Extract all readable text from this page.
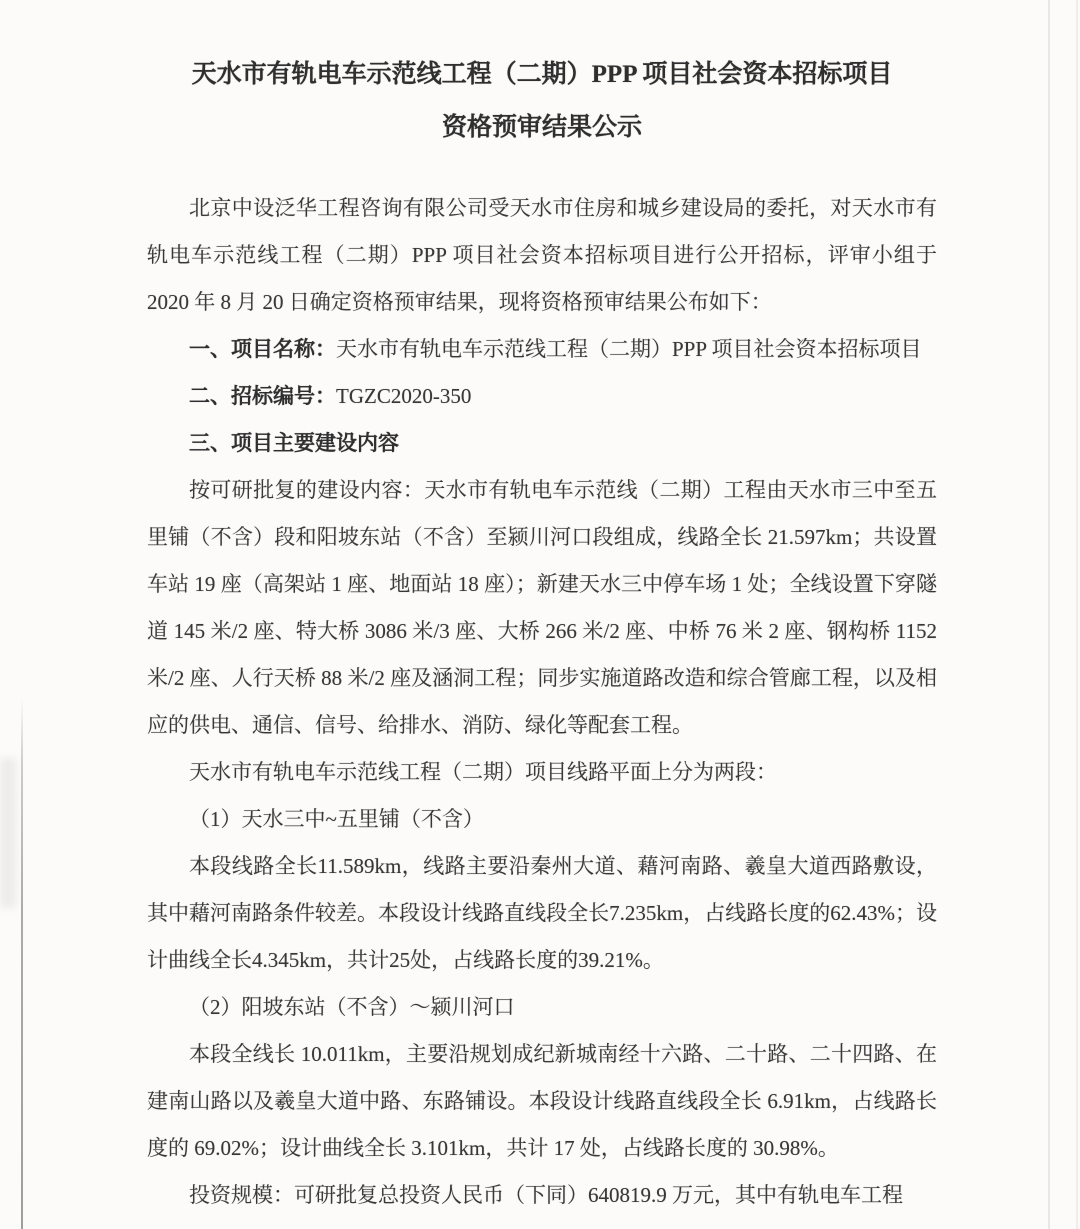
天水市有轨电车示范线工程（二期）PPP 项目社会资本招标项目
资格预审结果公示

北京中设泛华工程咨询有限公司受天水市住房和城乡建设局的委托，对天水市有轨电车示范线工程（二期）PPP 项目社会资本招标项目进行公开招标，评审小组于 2020 年 8 月 20 日确定资格预审结果，现将资格预审结果公布如下：

一、项目名称：天水市有轨电车示范线工程（二期）PPP 项目社会资本招标项目

二、招标编号：TGZC2020-350

三、项目主要建设内容

按可研批复的建设内容：天水市有轨电车示范线（二期）工程由天水市三中至五里铺（不含）段和阳坡东站（不含）至颍川河口段组成，线路全长 21.597km；共设置车站 19 座（高架站 1 座、地面站 18 座）；新建天水三中停车场 1 处；全线设置下穿隧道 145 米/2 座、特大桥 3086 米/3 座、大桥 266 米/2 座、中桥 76 米 2 座、钢构桥 1152 米/2 座、人行天桥 88 米/2 座及涵洞工程；同步实施道路改造和综合管廊工程，以及相应的供电、通信、信号、给排水、消防、绿化等配套工程。

天水市有轨电车示范线工程（二期）项目线路平面上分为两段：

（1）天水三中~五里铺（不含）

本段线路全长11.589km，线路主要沿秦州大道、藉河南路、羲皇大道西路敷设，其中藉河南路条件较差。本段设计线路直线段全长7.235km，占线路长度的62.43%；设计曲线全长4.345km，共计25处，占线路长度的39.21%。

（2）阳坡东站（不含）～颍川河口

本段全线长 10.011km，主要沿规划成纪新城南经十六路、二十路、二十四路、在建南山路以及羲皇大道中路、东路铺设。本段设计线路直线段全长 6.91km，占线路长度的 69.02%；设计曲线全长 3.101km，共计 17 处，占线路长度的 30.98%。

投资规模：可研批复总投资人民币（下同）640819.9 万元，其中有轨电车工程
